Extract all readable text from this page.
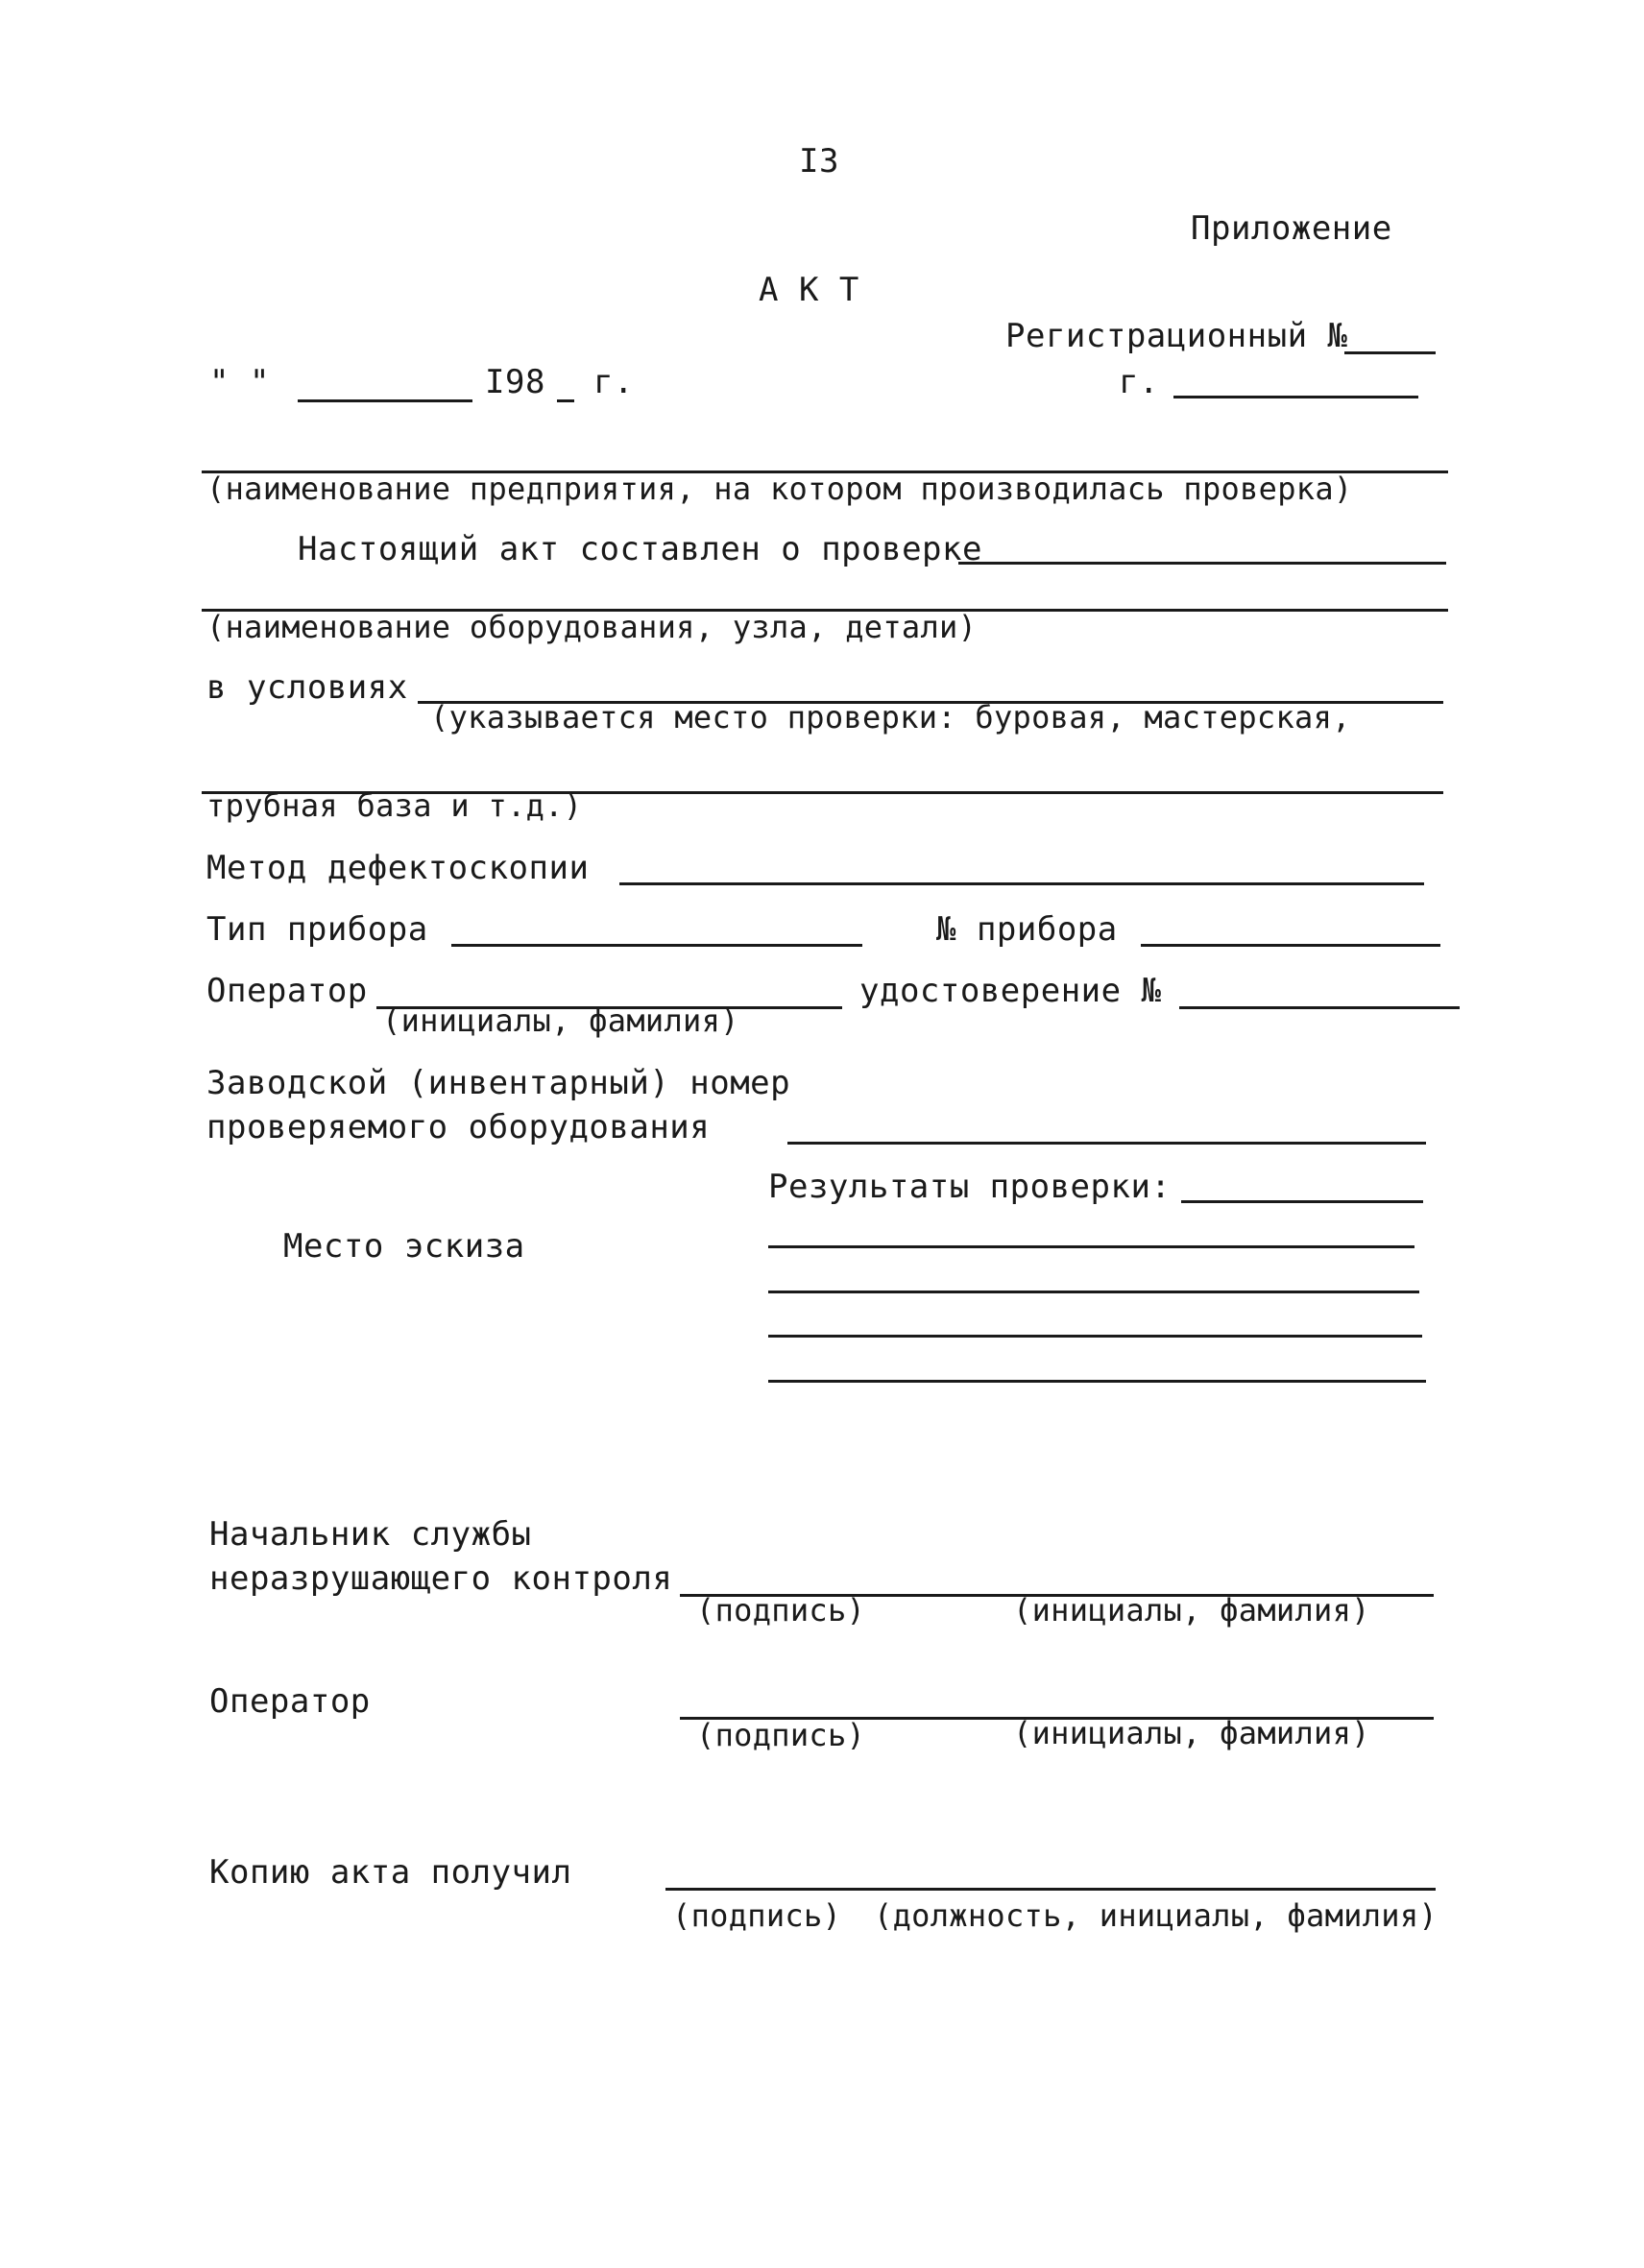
I3
Приложение
А К Т
Регистрационный №
" "	I98 г.	г.
(наименование предприятия, на котором производилась проверка)
Настоящий акт составлен о проверке
(наименование оборудования, узла, детали)
в условиях
(указывается место проверки: буровая, мастерская,
трубная база и т.д.)
Метод дефектоскопии
Тип прибора	№ прибора
Оператор
(инициалы, фамилия)
удостоверение №
Заводской (инвентарный) номер
проверяемого оборудования
Результаты проверки:
Место эскиза
Начальник службы
неразрушающего контроля
(подпись)	(инициалы, фамилия)
Оператор
(подпись)	(инициалы, фамилия)
Копию акта получил
(подпись) (должность, инициалы, фамилия)
